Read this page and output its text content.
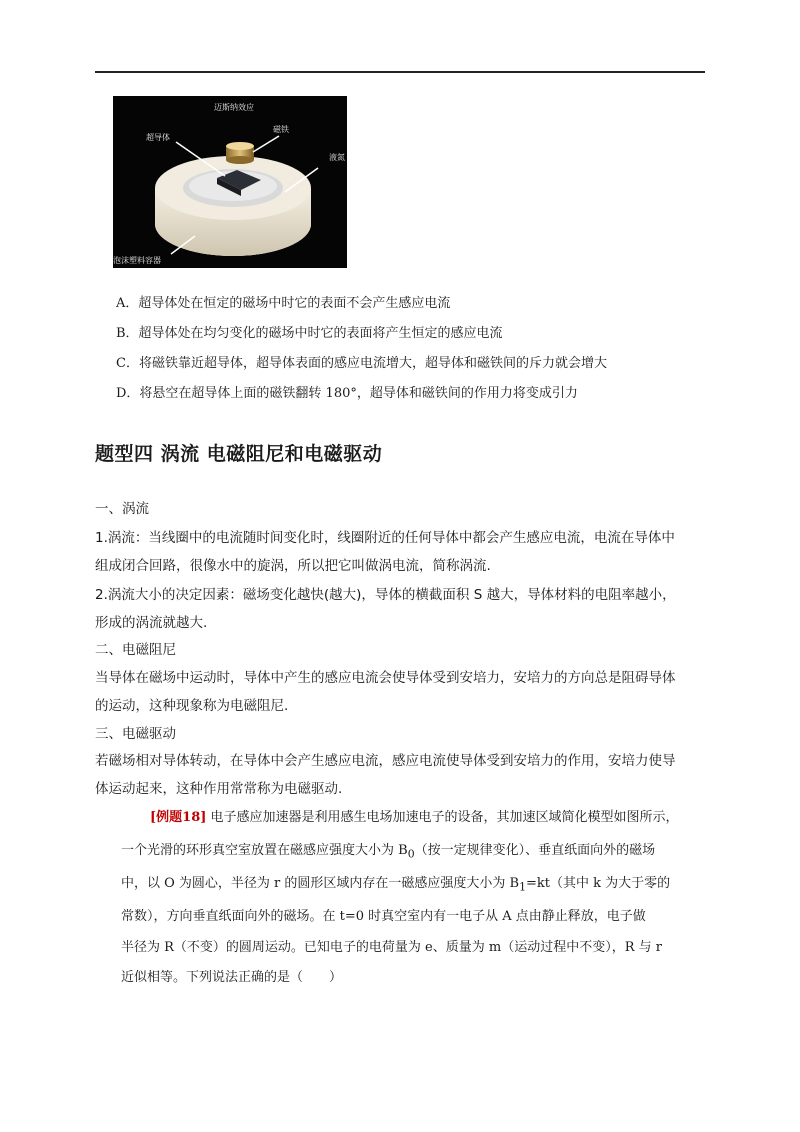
迈斯纳效应
超导体
磁铁
液氮
泡沫塑料容器
A．超导体处在恒定的磁场中时它的表面不会产生感应电流
B．超导体处在均匀变化的磁场中时它的表面将产生恒定的感应电流
C．将磁铁靠近超导体，超导体表面的感应电流增大，超导体和磁铁间的斥力就会增大
D．将悬空在超导体上面的磁铁翻转 180°，超导体和磁铁间的作用力将变成引力
题型四 涡流 电磁阻尼和电磁驱动
一、涡流
1.涡流：当线圈中的电流随时间变化时，线圈附近的任何导体中都会产生感应电流，电流在导体中
组成闭合回路，很像水中的旋涡，所以把它叫做涡电流，简称涡流.
2.涡流大小的决定因素：磁场变化越快(越大)，导体的横截面积 S 越大，导体材料的电阻率越小，
形成的涡流就越大.
二、电磁阻尼
当导体在磁场中运动时，导体中产生的感应电流会使导体受到安培力，安培力的方向总是阻碍导体
的运动，这种现象称为电磁阻尼.
三、电磁驱动
若磁场相对导体转动，在导体中会产生感应电流，感应电流使导体受到安培力的作用，安培力使导
体运动起来，这种作用常常称为电磁驱动.
[例题18] 电子感应加速器是利用感生电场加速电子的设备，其加速区域简化模型如图所示，
一个光滑的环形真空室放置在磁感应强度大小为 $B_0$（按一定规律变化）、垂直纸面向外的磁场
中，以 O 为圆心，半径为 r 的圆形区域内存在一磁感应强度大小为 $B_1=kt$（其中 k 为大于零的
常数），方向垂直纸面向外的磁场。在 t=0 时真空室内有一电子从 A 点由静止释放，电子做
半径为 R（不变）的圆周运动。已知电子的电荷量为 e、质量为 m（运动过程中不变），R 与 r
近似相等。下列说法正确的是（　　）
